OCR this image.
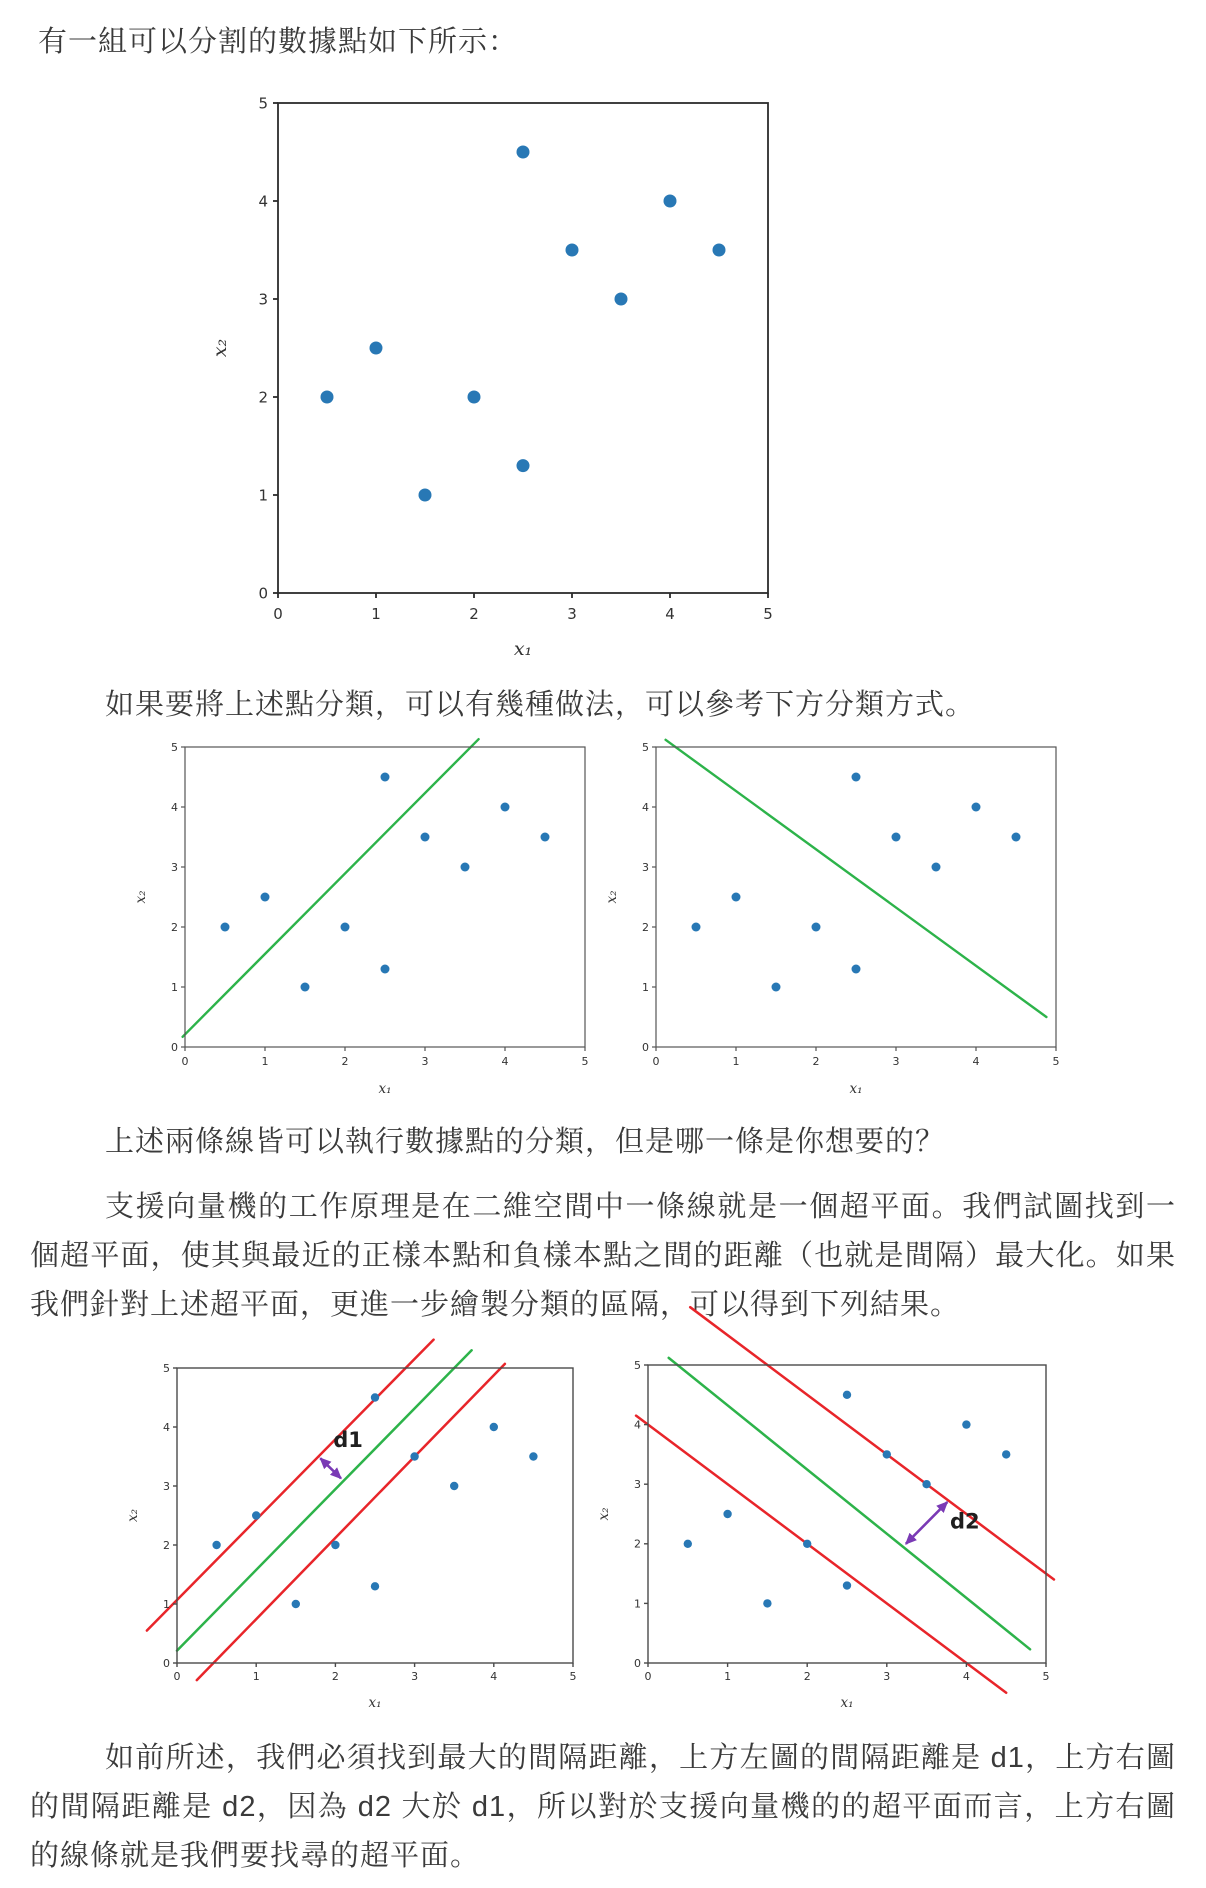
有一組可以分割的數據點如下所示：
0	1	2	3	4	5
0
1
2
3
4
5
x₁
x₂
如果要將上述點分類，可以有幾種做法，可以參考下方分類方式。
0	1	2	3	4	5
0
1
2
3
4
5
x₁
x₂
0	1	2	3	4	5
0
1
2
3
4
5
x₁
x₂
上述兩條線皆可以執行數據點的分類，但是哪一條是你想要的？
支援向量機的工作原理是在二維空間中一條線就是一個超平面。我們試圖找到一個超平面，使其與最近的正樣本點和負樣本點之間的距離（也就是間隔）最大化。如果我們針對上述超平面，更進一步繪製分類的區隔，可以得到下列結果。
0	1	2	3	4	5
0
1
2
3
4
5
x₁
x₂
d1
0	1	2	3	4	5
0
1
2
3
4
5
x₁
x₂	d2
如前所述，我們必須找到最大的間隔距離，上方左圖的間隔距離是 d1，上方右圖的間隔距離是 d2，因為 d2 大於 d1，所以對於支援向量機的的超平面而言，上方右圖的線條就是我們要找尋的超平面。
